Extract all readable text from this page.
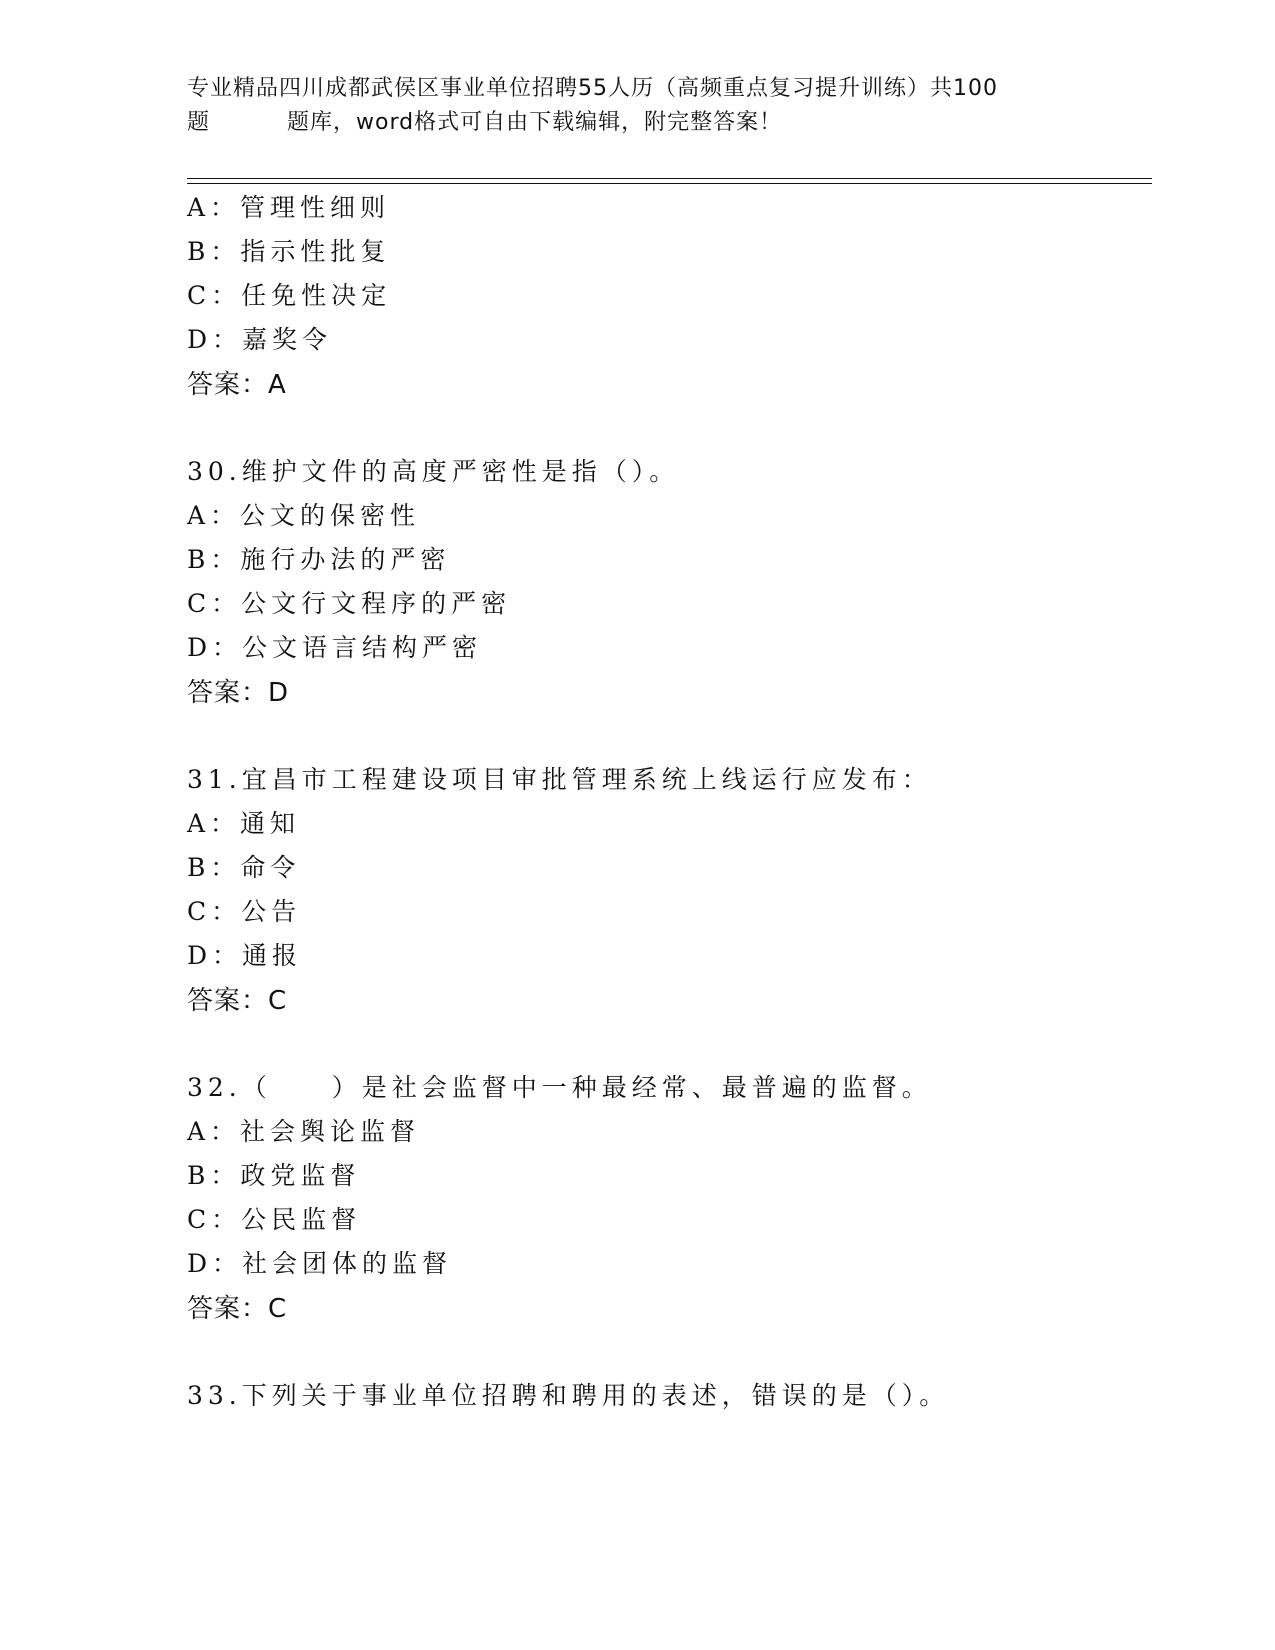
专业精品四川成都武侯区事业单位招聘55人历（高频重点复习提升训练）共100
题	题库，word格式可自由下载编辑，附完整答案！
A：管理性细则
B：指示性批复
C：任免性决定
D：嘉奖令
答案：A
30.维护文件的高度严密性是指（）。
A：公文的保密性
B：施行办法的严密
C：公文行文程序的严密
D：公文语言结构严密
答案：D
31.宜昌市工程建设项目审批管理系统上线运行应发布：
A：通知
B：命令
C：公告
D：通报
答案：C
32.（　　）是社会监督中一种最经常、最普遍的监督。
A：社会舆论监督
B：政党监督
C：公民监督
D：社会团体的监督
答案：C
33.下列关于事业单位招聘和聘用的表述，错误的是（）。
